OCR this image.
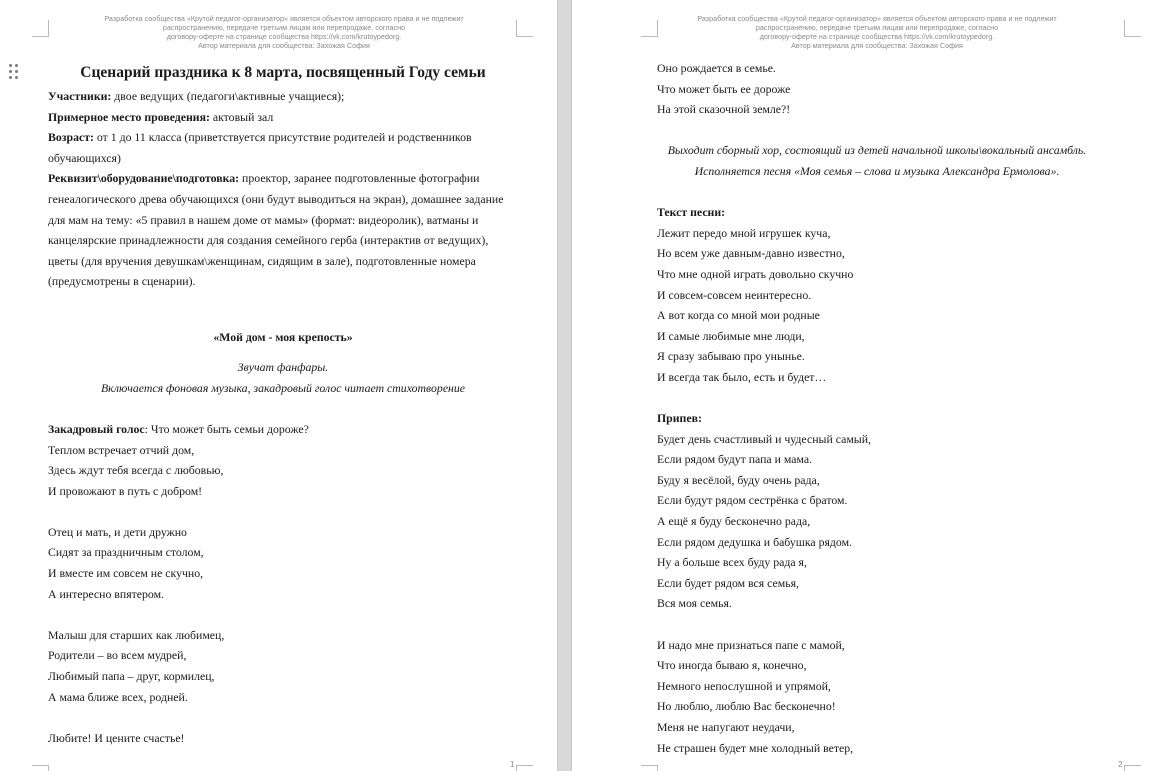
Разработка сообщества «Крутой педагог-организатор» является объектом авторского права и не подлежит
распространению, передаче третьим лицам или перепродаже, согласно
договору-оферте на странице сообщества https://vk.com/krutoypedorg.
Автор материала для сообщества: Захожая София

Сценарий праздника к 8 марта, посвященный Году семьи

Участники: двое ведущих (педагоги\активные учащиеся);

Примерное место проведения: актовый зал

Возраст: от 1 до 11 класса (приветствуется присутствие родителей и родственников

обучающихся)

Реквизит\оборудование\подготовка: проектор, заранее подготовленные фотографии

генеалогического древа обучающихся (они будут выводиться на экран), домашнее задание

для мам на тему: «5 правил в нашем доме от мамы» (формат: видеоролик), ватманы и

канцелярские принадлежности для создания семейного герба (интерактив от ведущих),

цветы (для вручения девушкам\женщинам, сидящим в зале), подготовленные номера

(предусмотрены в сценарии).

«Мой дом - моя крепость»

Звучат фанфары.

Включается фоновая музыка, закадровый голос читает стихотворение

Закадровый голос: Что может быть семьи дороже?

Теплом встречает отчий дом,

Здесь ждут тебя всегда с любовью,

И провожают в путь с добром!

Отец и мать, и дети дружно

Сидят за праздничным столом,

И вместе им совсем не скучно,

А интересно впятером.

Малыш для старших как любимец,

Родители – во всем мудрей,

Любимый папа – друг, кормилец,

А мама ближе всех, родней.

Любите! И цените счастье!

1
Разработка сообщества «Крутой педагог-организатор» является объектом авторского права и не подлежит
распространению, передаче третьим лицам или перепродаже, согласно
договору-оферте на странице сообщества https://vk.com/krutoypedorg.
Автор материала для сообщества: Захожая София

Оно рождается в семье.

Что может быть ее дороже

На этой сказочной земле?!

Выходит сборный хор, состоящий из детей начальной школы\вокальный ансамбль.

Исполняется песня «Моя семья – слова и музыка Александра Ермолова».

Текст песни:

Лежит передо мной игрушек куча,

Но всем уже давным-давно известно,

Что мне одной играть довольно скучно

И совсем-совсем неинтересно.

А вот когда со мной мои родные

И самые любимые мне люди,

Я сразу забываю про унынье.

И всегда так было, есть и будет…

Припев:

Будет день счастливый и чудесный самый,

Если рядом будут папа и мама.

Буду я весёлой, буду очень рада,

Если будут рядом сестрёнка с братом.

А ещё я буду бесконечно рада,

Если рядом дедушка и бабушка рядом.

Ну а больше всех буду рада я,

Если будет рядом вся семья,

Вся моя семья.

И надо мне признаться папе с мамой,

Что иногда бываю я, конечно,

Немного непослушной и упрямой,

Но люблю, люблю Вас бесконечно!

Меня не напугают неудачи,

Не страшен будет мне холодный ветер,

2
